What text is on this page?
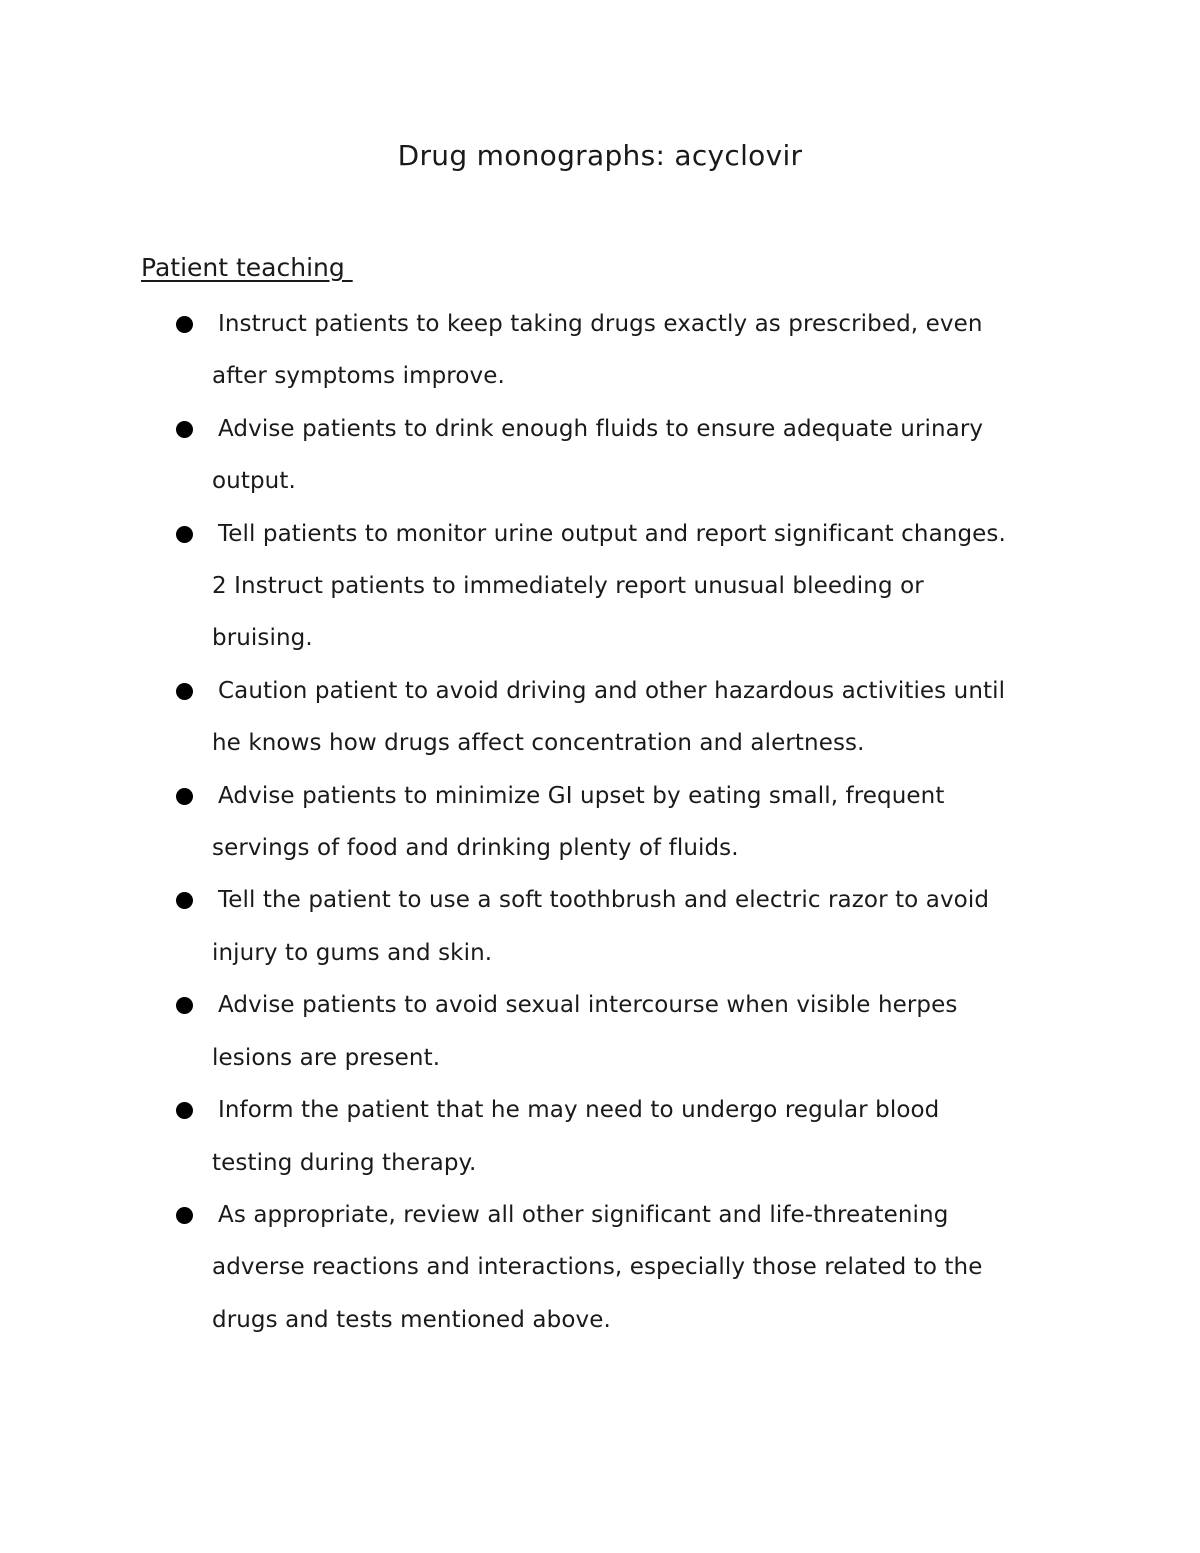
Drug monographs: acyclovir
Patient teaching
Instruct patients to keep taking drugs exactly as prescribed, even
after symptoms improve.
Advise patients to drink enough fluids to ensure adequate urinary
output.
Tell patients to monitor urine output and report significant changes.
2 Instruct patients to immediately report unusual bleeding or
bruising.
Caution patient to avoid driving and other hazardous activities until
he knows how drugs affect concentration and alertness.
Advise patients to minimize GI upset by eating small, frequent
servings of food and drinking plenty of fluids.
Tell the patient to use a soft toothbrush and electric razor to avoid
injury to gums and skin.
Advise patients to avoid sexual intercourse when visible herpes
lesions are present.
Inform the patient that he may need to undergo regular blood
testing during therapy.
As appropriate, review all other significant and life-threatening
adverse reactions and interactions, especially those related to the
drugs and tests mentioned above.
